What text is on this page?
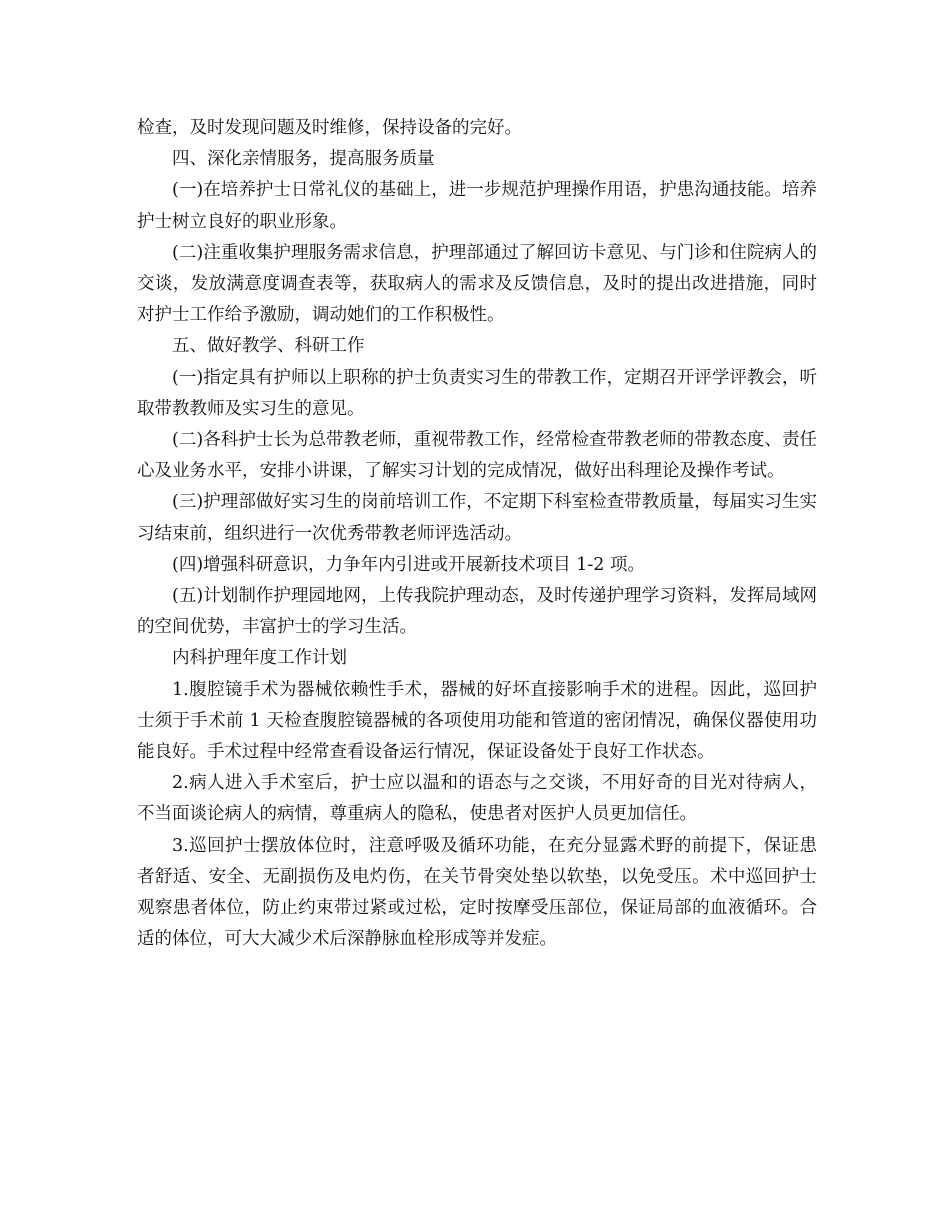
检查，及时发现问题及时维修，保持设备的完好。

四、深化亲情服务，提高服务质量

(一)在培养护士日常礼仪的基础上，进一步规范护理操作用语，护患沟通技能。培养护士树立良好的职业形象。

(二)注重收集护理服务需求信息，护理部通过了解回访卡意见、与门诊和住院病人的交谈，发放满意度调查表等，获取病人的需求及反馈信息，及时的提出改进措施，同时对护士工作给予激励，调动她们的工作积极性。

五、做好教学、科研工作

(一)指定具有护师以上职称的护士负责实习生的带教工作，定期召开评学评教会，听取带教教师及实习生的意见。

(二)各科护士长为总带教老师，重视带教工作，经常检查带教老师的带教态度、责任心及业务水平，安排小讲课，了解实习计划的完成情况，做好出科理论及操作考试。

(三)护理部做好实习生的岗前培训工作，不定期下科室检查带教质量，每届实习生实习结束前，组织进行一次优秀带教老师评选活动。

(四)增强科研意识，力争年内引进或开展新技术项目 1-2 项。

(五)计划制作护理园地网，上传我院护理动态，及时传递护理学习资料，发挥局域网的空间优势，丰富护士的学习生活。

内科护理年度工作计划

1.腹腔镜手术为器械依赖性手术，器械的好坏直接影响手术的进程。因此，巡回护士须于手术前 1 天检查腹腔镜器械的各项使用功能和管道的密闭情况，确保仪器使用功能良好。手术过程中经常查看设备运行情况，保证设备处于良好工作状态。

2.病人进入手术室后，护士应以温和的语态与之交谈，不用好奇的目光对待病人，不当面谈论病人的病情，尊重病人的隐私，使患者对医护人员更加信任。

3.巡回护士摆放体位时，注意呼吸及循环功能，在充分显露术野的前提下，保证患者舒适、安全、无副损伤及电灼伤，在关节骨突处垫以软垫，以免受压。术中巡回护士观察患者体位，防止约束带过紧或过松，定时按摩受压部位，保证局部的血液循环。合适的体位，可大大减少术后深静脉血栓形成等并发症。
